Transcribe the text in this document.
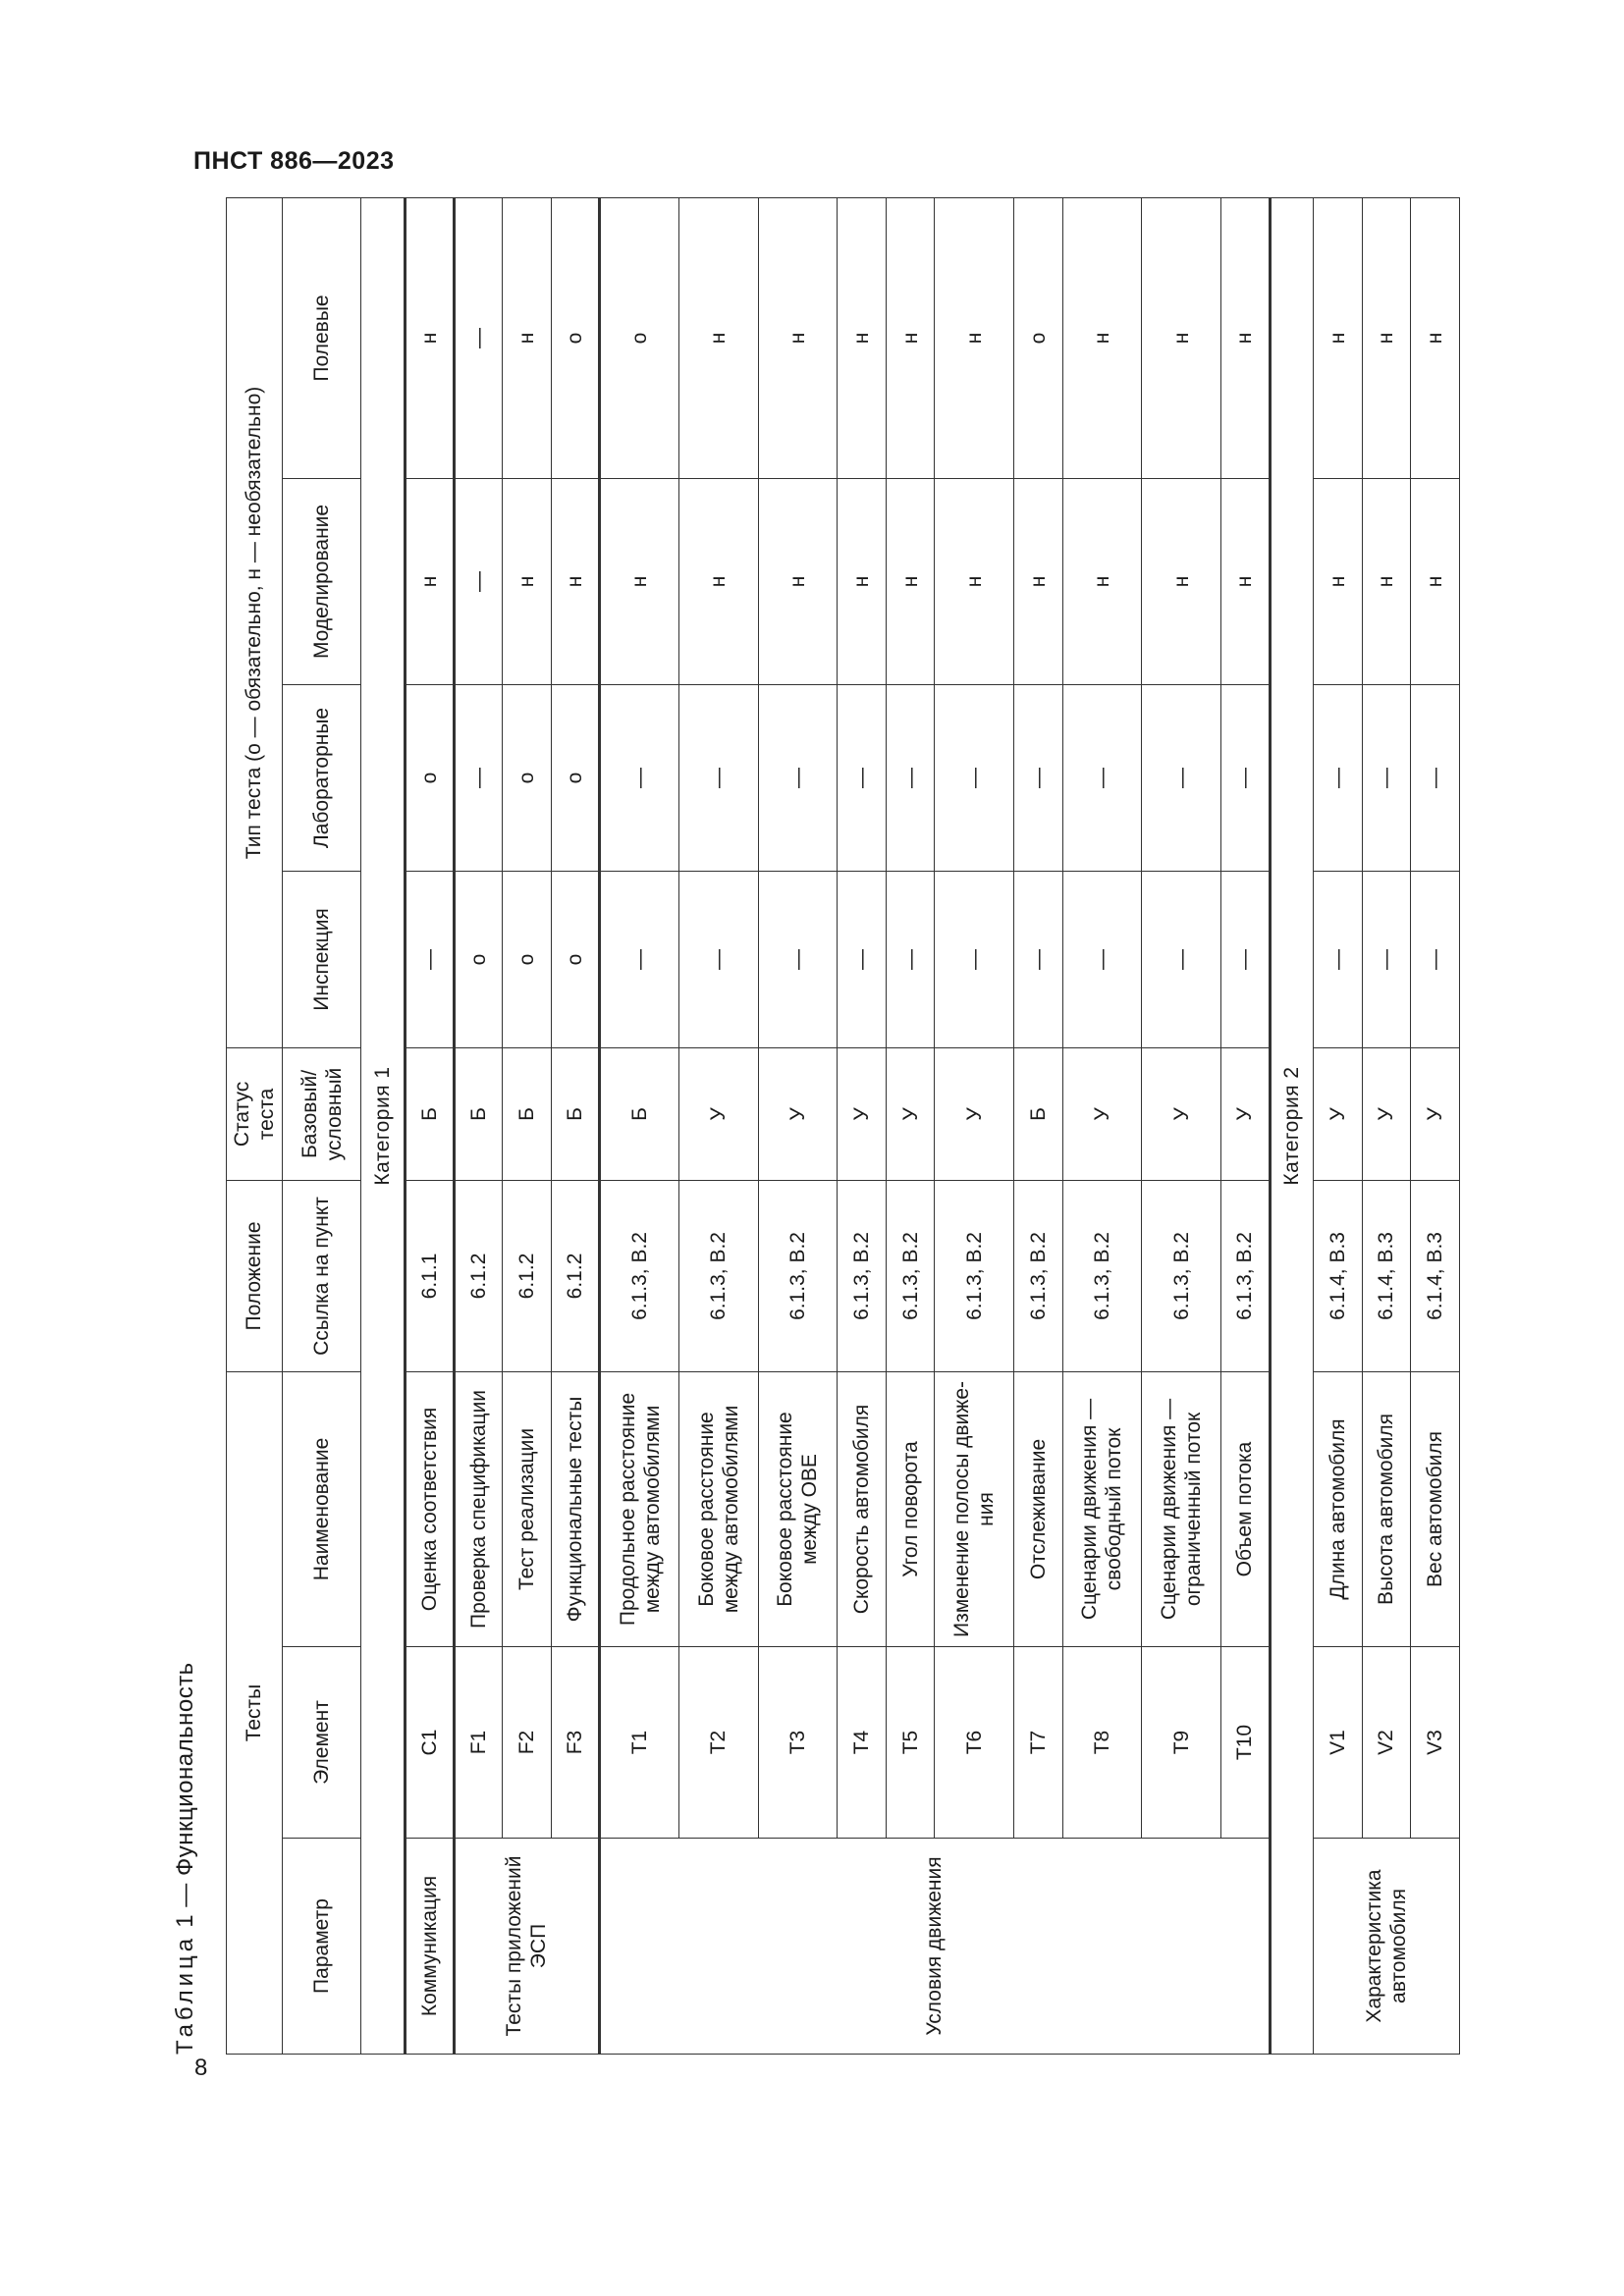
ПНСТ 886—2023
8
Таблица 1 — Функциональность Тесты			Положение	Статус теста	Тип теста (о — обязательно, н — необязательно)			
Параметр	Элемент	Наименование	Ссылка на пункт	Базовый/ условный	Инспекция	Лабораторные	Моделирование	Полевые
Категория 1								
Коммуникация	C1	Оценка соответствия	6.1.1	Б	—	о	н	н
Тесты приложений ЭСП	F1	Проверка спецификации	6.1.2	Б	о	—	—	—
	F2	Тест реализации	6.1.2	Б	о	о	н	н
	F3	Функциональные тесты	6.1.2	Б	о	о	н	о
Условия движения	T1	Продольное расстояние между автомобилями	6.1.3, В.2	Б	—	—	н	о
	T2	Боковое расстояние между автомобилями	6.1.3, В.2	У	—	—	н	н
	T3	Боковое расстояние между ОВЕ	6.1.3, В.2	У	—	—	н	н
	T4	Скорость автомобиля	6.1.3, В.2	У	—	—	н	н
	T5	Угол поворота	6.1.3, В.2	У	—	—	н	н
	T6	Изменение полосы движе-ния	6.1.3, В.2	У	—	—	н	н
	T7	Отслеживание	6.1.3, В.2	Б	—	—	н	о
	T8	Сценарии движения — свободный поток	6.1.3, В.2	У	—	—	н	н
	T9	Сценарии движения — ограниченный поток	6.1.3, В.2	У	—	—	н	н
	T10	Объем потока	6.1.3, В.2	У	—	—	н	н
Категория 2								
Характеристика автомобиля	V1	Длина автомобиля	6.1.4, В.3	У	—	—	н	н
	V2	Высота автомобиля	6.1.4, В.3	У	—	—	н	н
	V3	Вес автомобиля	6.1.4, В.3	У	—	—	н	н
